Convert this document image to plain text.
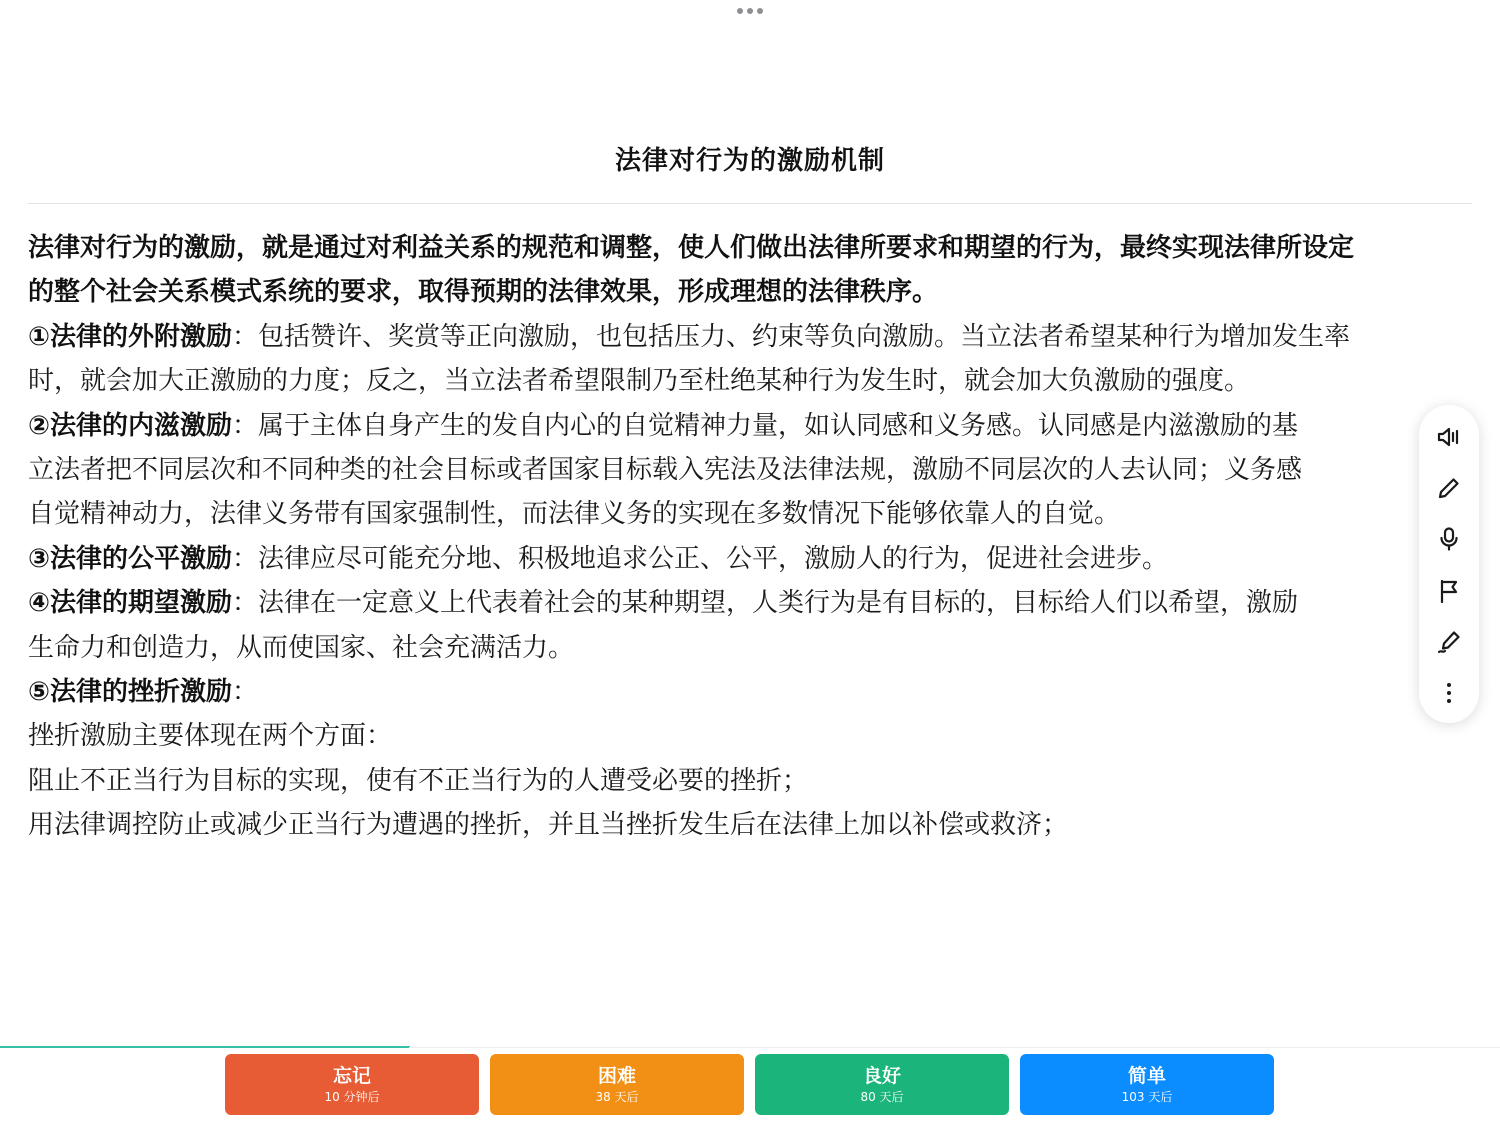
法律对行为的激励机制

法律对行为的激励，就是通过对利益关系的规范和调整，使人们做出法律所要求和期望的行为，最终实现法律所设定

的整个社会关系模式系统的要求，取得预期的法律效果，形成理想的法律秩序。

①法律的外附激励：包括赞许、奖赏等正向激励，也包括压力、约束等负向激励。当立法者希望某种行为增加发生率

时，就会加大正激励的力度；反之，当立法者希望限制乃至杜绝某种行为发生时，就会加大负激励的强度。

②法律的内滋激励：属于主体自身产生的发自内心的自觉精神力量，如认同感和义务感。认同感是内滋激励的基

立法者把不同层次和不同种类的社会目标或者国家目标载入宪法及法律法规，激励不同层次的人去认同；义务感

自觉精神动力，法律义务带有国家强制性，而法律义务的实现在多数情况下能够依靠人的自觉。

③法律的公平激励：法律应尽可能充分地、积极地追求公正、公平，激励人的行为，促进社会进步。

④法律的期望激励：法律在一定意义上代表着社会的某种期望，人类行为是有目标的，目标给人们以希望，激励

生命力和创造力，从而使国家、社会充满活力。

⑤法律的挫折激励：

挫折激励主要体现在两个方面：

阻止不正当行为目标的实现，使有不正当行为的人遭受必要的挫折；

用法律调控防止或减少正当行为遭遇的挫折，并且当挫折发生后在法律上加以补偿或救济；

忘记
10 分钟后
困难
38 天后
良好
80 天后
简单
103 天后
